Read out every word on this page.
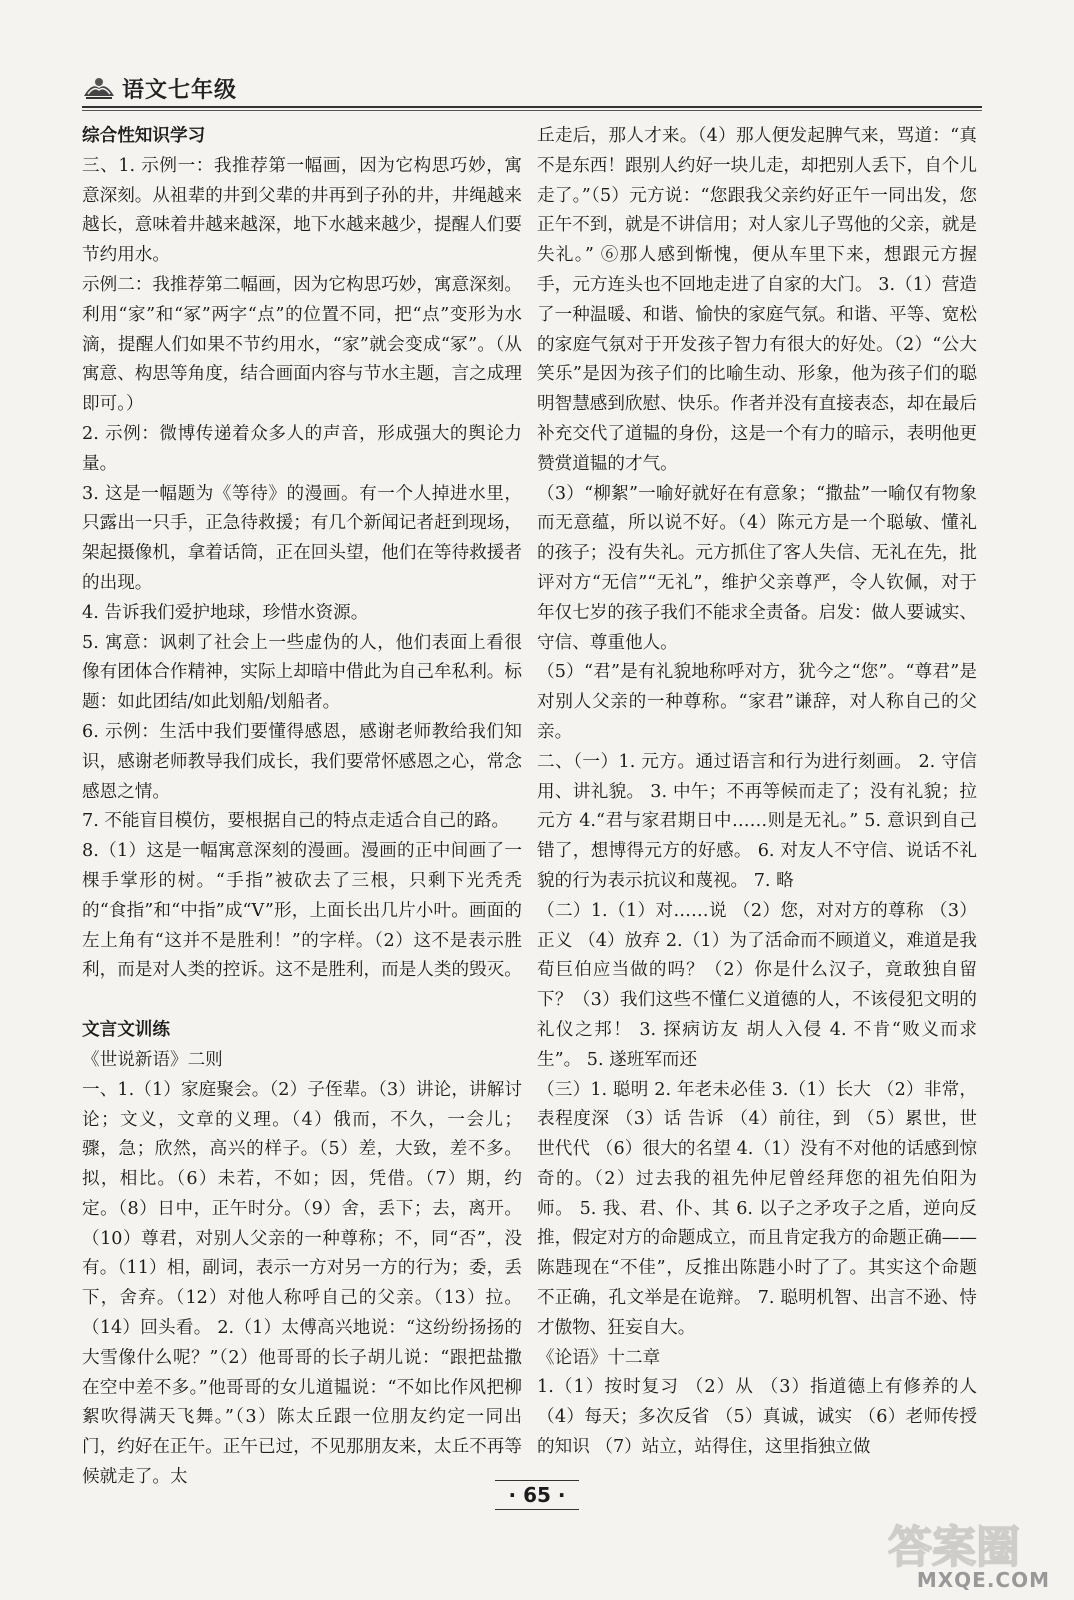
语文七年级

综合性知识学习

三、1. 示例一：我推荐第一幅画，因为它构思巧妙，寓意深刻。从祖辈的井到父辈的井再到子孙的井，井绳越来越长，意味着井越来越深，地下水越来越少，提醒人们要节约用水。

示例二：我推荐第二幅画，因为它构思巧妙，寓意深刻。利用“家”和“冢”两字“点”的位置不同，把“点”变形为水滴，提醒人们如果不节约用水，“家”就会变成“冢”。（从寓意、构思等角度，结合画面内容与节水主题，言之成理即可。）

2. 示例：微博传递着众多人的声音，形成强大的舆论力量。

3. 这是一幅题为《等待》的漫画。有一个人掉进水里，只露出一只手，正急待救援；有几个新闻记者赶到现场，架起摄像机，拿着话筒，正在回头望，他们在等待救援者的出现。

4. 告诉我们爱护地球，珍惜水资源。

5. 寓意：讽刺了社会上一些虚伪的人，他们表面上看很像有团体合作精神，实际上却暗中借此为自己牟私利。标题：如此团结/如此划船/划船者。

6. 示例：生活中我们要懂得感恩，感谢老师教给我们知识，感谢老师教导我们成长，我们要常怀感恩之心，常念感恩之情。

7. 不能盲目模仿，要根据自己的特点走适合自己的路。

8.（1）这是一幅寓意深刻的漫画。漫画的正中间画了一棵手掌形的树。“手指”被砍去了三根，只剩下光秃秃的“食指”和“中指”成“V”形，上面长出几片小叶。画面的左上角有“这并不是胜利！”的字样。（2）这不是表示胜利，而是对人类的控诉。这不是胜利，而是人类的毁灭。

文言文训练

《世说新语》二则

一、1.（1）家庭聚会。（2）子侄辈。（3）讲论，讲解讨论；文义，文章的义理。（4）俄而，不久，一会儿；骤，急；欣然，高兴的样子。（5）差，大致，差不多。拟，相比。（6）未若，不如；因，凭借。（7）期，约定。（8）日中，正午时分。（9）舍，丢下；去，离开。（10）尊君，对别人父亲的一种尊称；不，同“否”，没有。（11）相，副词，表示一方对另一方的行为；委，丢下，舍弃。（12）对他人称呼自己的父亲。（13）拉。（14）回头看。 2.（1）太傅高兴地说：“这纷纷扬扬的大雪像什么呢？”（2）他哥哥的长子胡儿说：“跟把盐撒在空中差不多。”他哥哥的女儿道韫说：“不如比作风把柳絮吹得满天飞舞。”（3）陈太丘跟一位朋友约定一同出门，约好在正午。正午已过，不见那朋友来，太丘不再等候就走了。太

丘走后，那人才来。（4）那人便发起脾气来，骂道：“真不是东西！跟别人约好一块儿走，却把别人丢下，自个儿走了。”（5）元方说：“您跟我父亲约好正午一同出发，您正午不到，就是不讲信用；对人家儿子骂他的父亲，就是失礼。” ⑥那人感到惭愧，便从车里下来，想跟元方握手，元方连头也不回地走进了自家的大门。 3.（1）营造了一种温暖、和谐、愉快的家庭气氛。和谐、平等、宽松的家庭气氛对于开发孩子智力有很大的好处。（2）“公大笑乐”是因为孩子们的比喻生动、形象，他为孩子们的聪明智慧感到欣慰、快乐。作者并没有直接表态，却在最后补充交代了道韫的身份，这是一个有力的暗示，表明他更赞赏道韫的才气。

（3）“柳絮”一喻好就好在有意象；“撒盐”一喻仅有物象而无意蕴，所以说不好。（4）陈元方是一个聪敏、懂礼的孩子；没有失礼。元方抓住了客人失信、无礼在先，批评对方“无信”“无礼”，维护父亲尊严，令人钦佩，对于年仅七岁的孩子我们不能求全责备。启发：做人要诚实、守信、尊重他人。

（5）“君”是有礼貌地称呼对方，犹今之“您”。“尊君”是对别人父亲的一种尊称。“家君”谦辞，对人称自己的父亲。

二、（一）1. 元方。通过语言和行为进行刻画。 2. 守信用、讲礼貌。 3. 中午；不再等候而走了；没有礼貌；拉元方 4.“君与家君期日中……则是无礼。” 5. 意识到自己错了，想博得元方的好感。 6. 对友人不守信、说话不礼貌的行为表示抗议和蔑视。 7. 略

（二）1.（1）对……说 （2）您，对对方的尊称 （3）正义 （4）放弃 2.（1）为了活命而不顾道义，难道是我荀巨伯应当做的吗？（2）你是什么汉子，竟敢独自留下？（3）我们这些不懂仁义道德的人，不该侵犯文明的礼仪之邦！ 3. 探病访友 胡人入侵 4. 不肯“败义而求生”。 5. 遂班军而还

（三）1. 聪明 2. 年老未必佳 3.（1）长大 （2）非常，表程度深 （3）话 告诉 （4）前往，到 （5）累世，世世代代 （6）很大的名望 4.（1）没有不对他的话感到惊奇的。（2）过去我的祖先仲尼曾经拜您的祖先伯阳为师。 5. 我、君、仆、其 6. 以子之矛攻子之盾，逆向反推，假定对方的命题成立，而且肯定我方的命题正确——陈韪现在“不佳”，反推出陈韪小时了了。其实这个命题不正确，孔文举是在诡辩。 7. 聪明机智、出言不逊、恃才傲物、狂妄自大。

《论语》十二章

1.（1）按时复习 （2）从 （3）指道德上有修养的人 （4）每天；多次反省 （5）真诚，诚实 （6）老师传授的知识 （7）站立，站得住，这里指独立做

· 65 ·
答案圈
MXQE.COM
